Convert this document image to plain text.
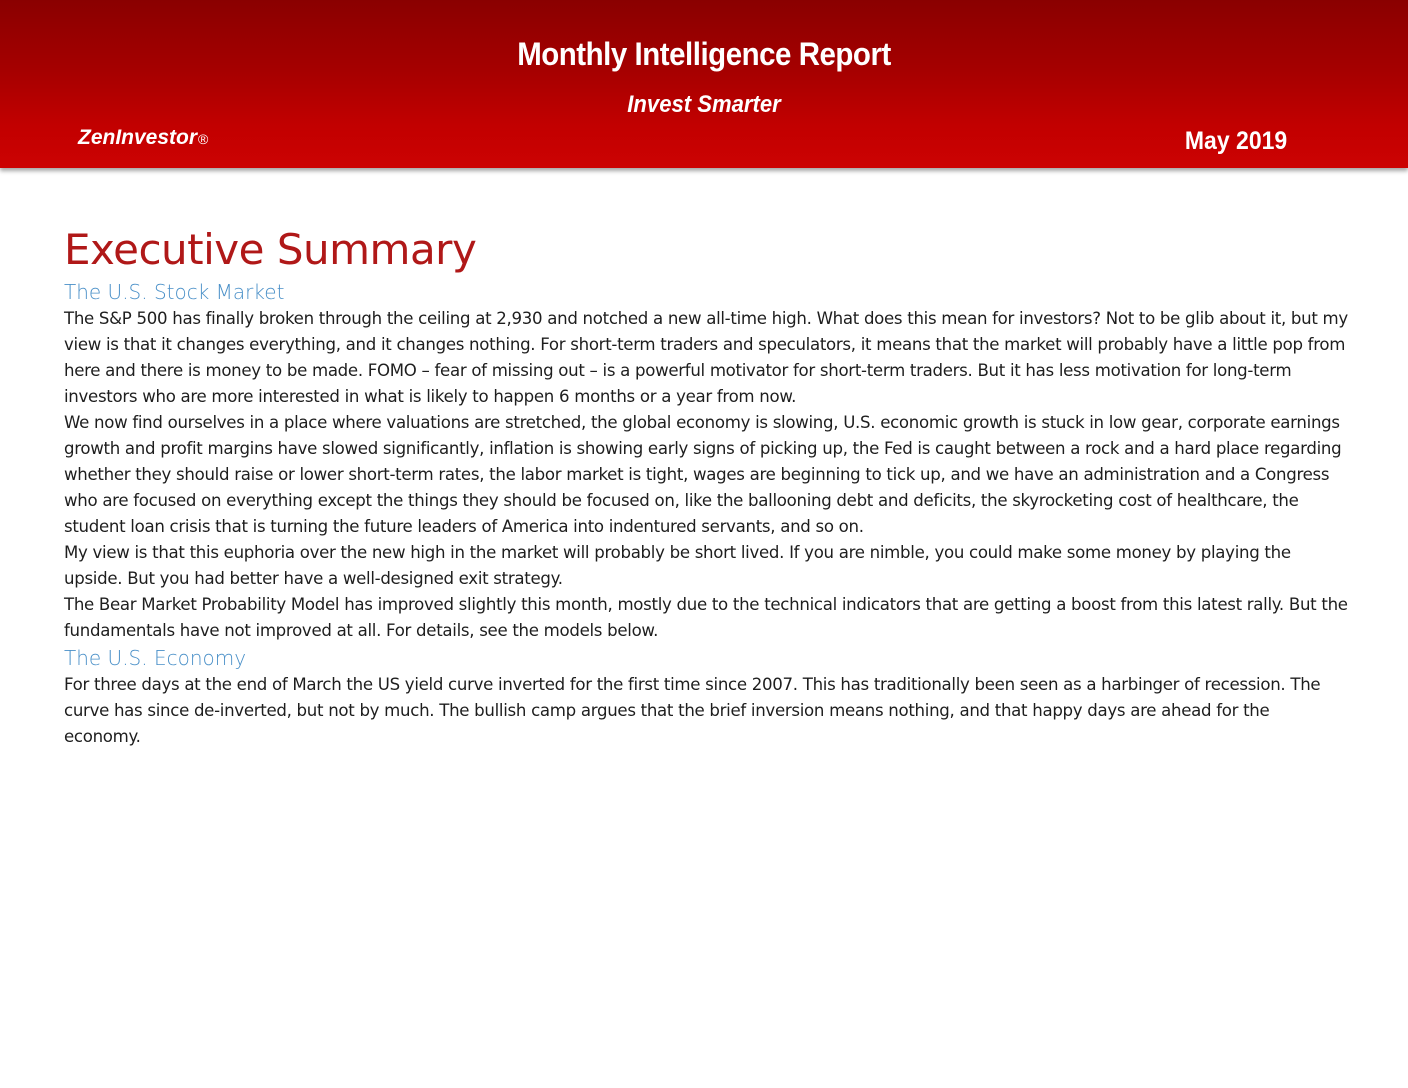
Monthly Intelligence Report
Invest Smarter
ZenInvestor®	May 2019
Executive Summary
The U.S. Stock Market

The S&P 500 has finally broken through the ceiling at 2,930 and notched a new all-time high. What does this mean for investors? Not to be glib about it, but my view is that it changes everything, and it changes nothing. For short-term traders and speculators, it means that the market will probably have a little pop from here and there is money to be made. FOMO – fear of missing out – is a powerful motivator for short-term traders. But it has less motivation for long-term investors who are more interested in what is likely to happen 6 months or a year from now.

We now find ourselves in a place where valuations are stretched, the global economy is slowing, U.S. economic growth is stuck in low gear, corporate earnings growth and profit margins have slowed significantly, inflation is showing early signs of picking up, the Fed is caught between a rock and a hard place regarding whether they should raise or lower short-term rates, the labor market is tight, wages are beginning to tick up, and we have an administration and a Congress who are focused on everything except the things they should be focused on, like the ballooning debt and deficits, the skyrocketing cost of healthcare, the student loan crisis that is turning the future leaders of America into indentured servants, and so on.

My view is that this euphoria over the new high in the market will probably be short lived. If you are nimble, you could make some money by playing the upside. But you had better have a well-designed exit strategy.

The Bear Market Probability Model has improved slightly this month, mostly due to the technical indicators that are getting a boost from this latest rally. But the fundamentals have not improved at all. For details, see the models below.

The U.S. Economy

For three days at the end of March the US yield curve inverted for the first time since 2007. This has traditionally been seen as a harbinger of recession. The curve has since de-inverted, but not by much. The bullish camp argues that the brief inversion means nothing, and that happy days are ahead for the economy.
